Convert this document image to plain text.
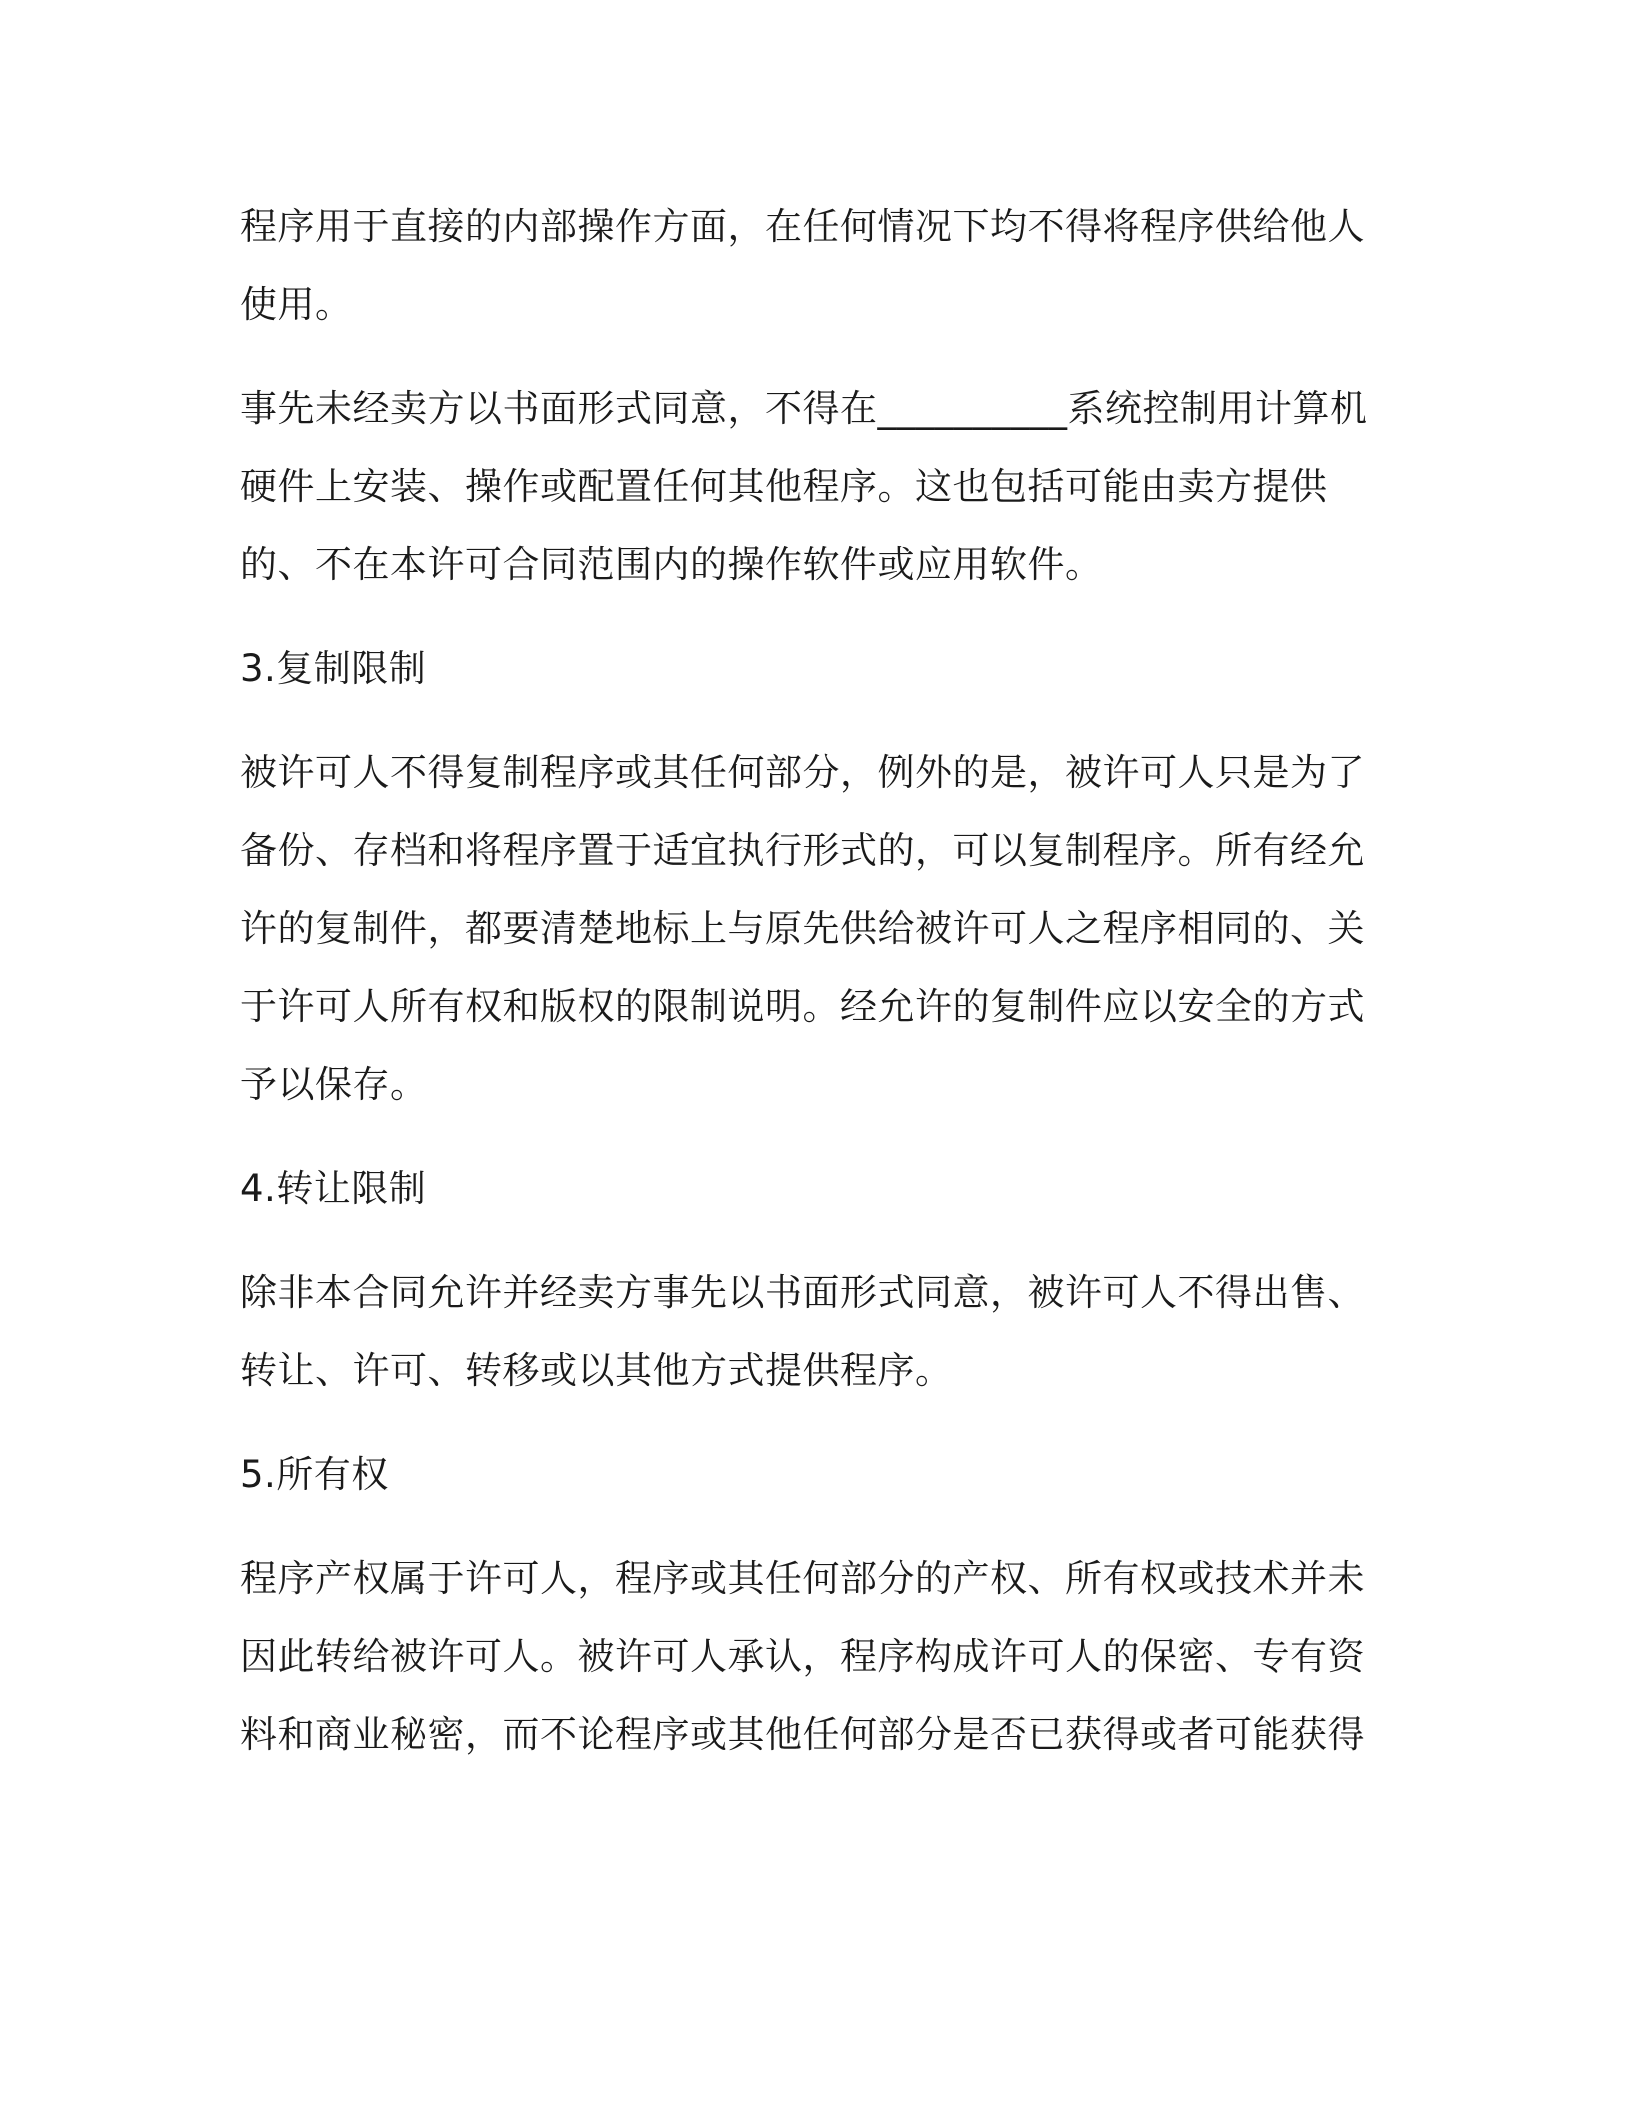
程序用于直接的内部操作方面，在任何情况下均不得将程序供给他人使用。

事先未经卖方以书面形式同意，不得在__________系统控制用计算机硬件上安装、操作或配置任何其他程序。这也包括可能由卖方提供的、不在本许可合同范围内的操作软件或应用软件。

3.复制限制

被许可人不得复制程序或其任何部分，例外的是，被许可人只是为了备份、存档和将程序置于适宜执行形式的，可以复制程序。所有经允许的复制件，都要清楚地标上与原先供给被许可人之程序相同的、关于许可人所有权和版权的限制说明。经允许的复制件应以安全的方式予以保存。

4.转让限制

除非本合同允许并经卖方事先以书面形式同意，被许可人不得出售、转让、许可、转移或以其他方式提供程序。

5.所有权

程序产权属于许可人，程序或其任何部分的产权、所有权或技术并未因此转给被许可人。被许可人承认，程序构成许可人的保密、专有资料和商业秘密，而不论程序或其他任何部分是否已获得或者可能获得
